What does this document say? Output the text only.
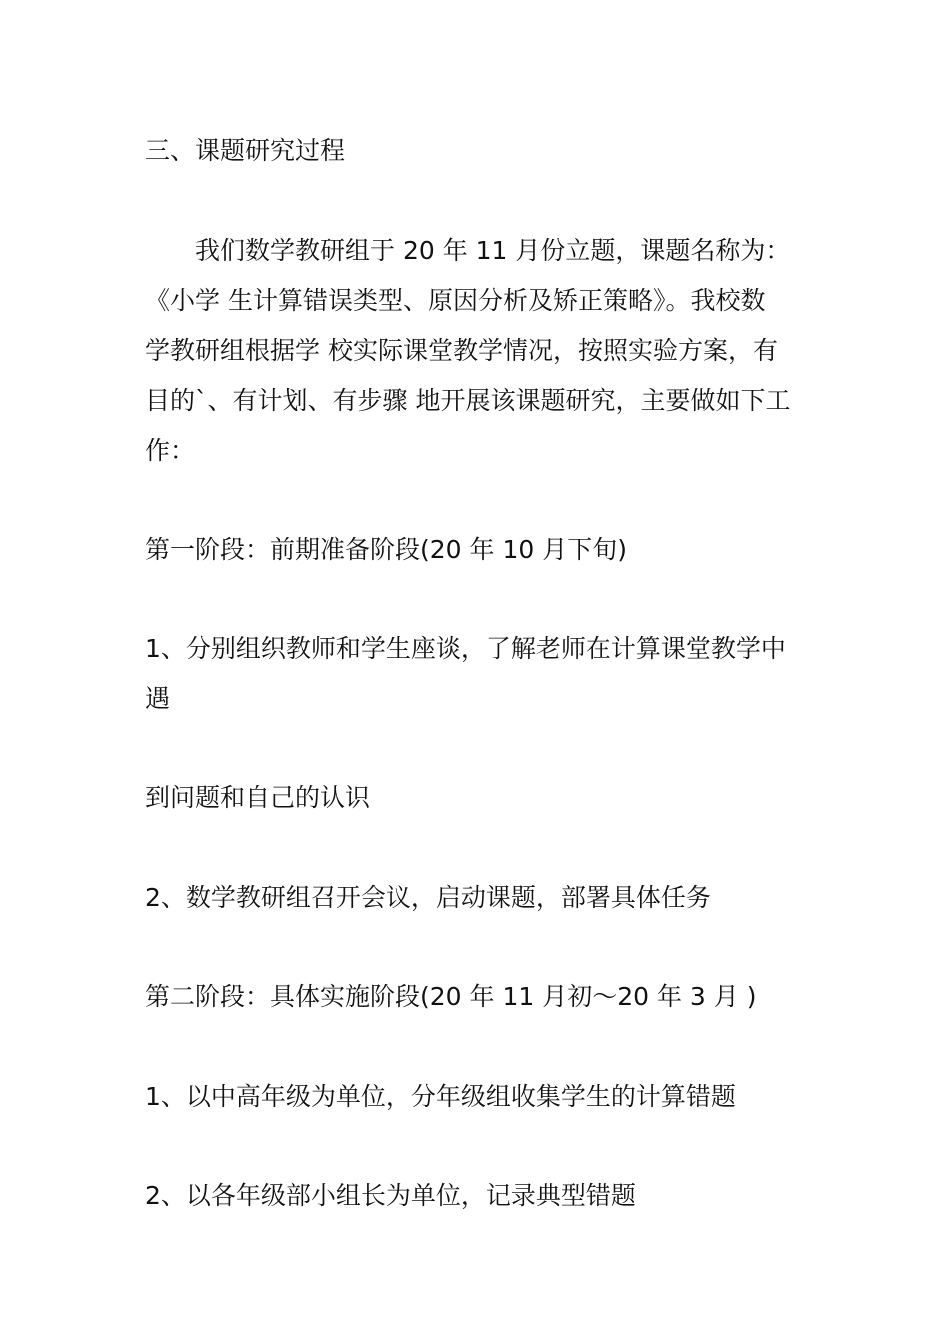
三、课题研究过程
我们数学教研组于 20 年 11 月份立题，课题名称为：
《小学 生计算错误类型、原因分析及矫正策略》。我校数
学教研组根据学 校实际课堂教学情况，按照实验方案，有
目的`、有计划、有步骤 地开展该课题研究，主要做如下工
作：
第一阶段：前期准备阶段(20 年 10 月下旬)
1、分别组织教师和学生座谈，了解老师在计算课堂教学中
遇
到问题和自己的认识
2、数学教研组召开会议，启动课题，部署具体任务
第二阶段：具体实施阶段(20 年 11 月初～20 年 3 月 )
1、以中高年级为单位，分年级组收集学生的计算错题
2、以各年级部小组长为单位，记录典型错题
